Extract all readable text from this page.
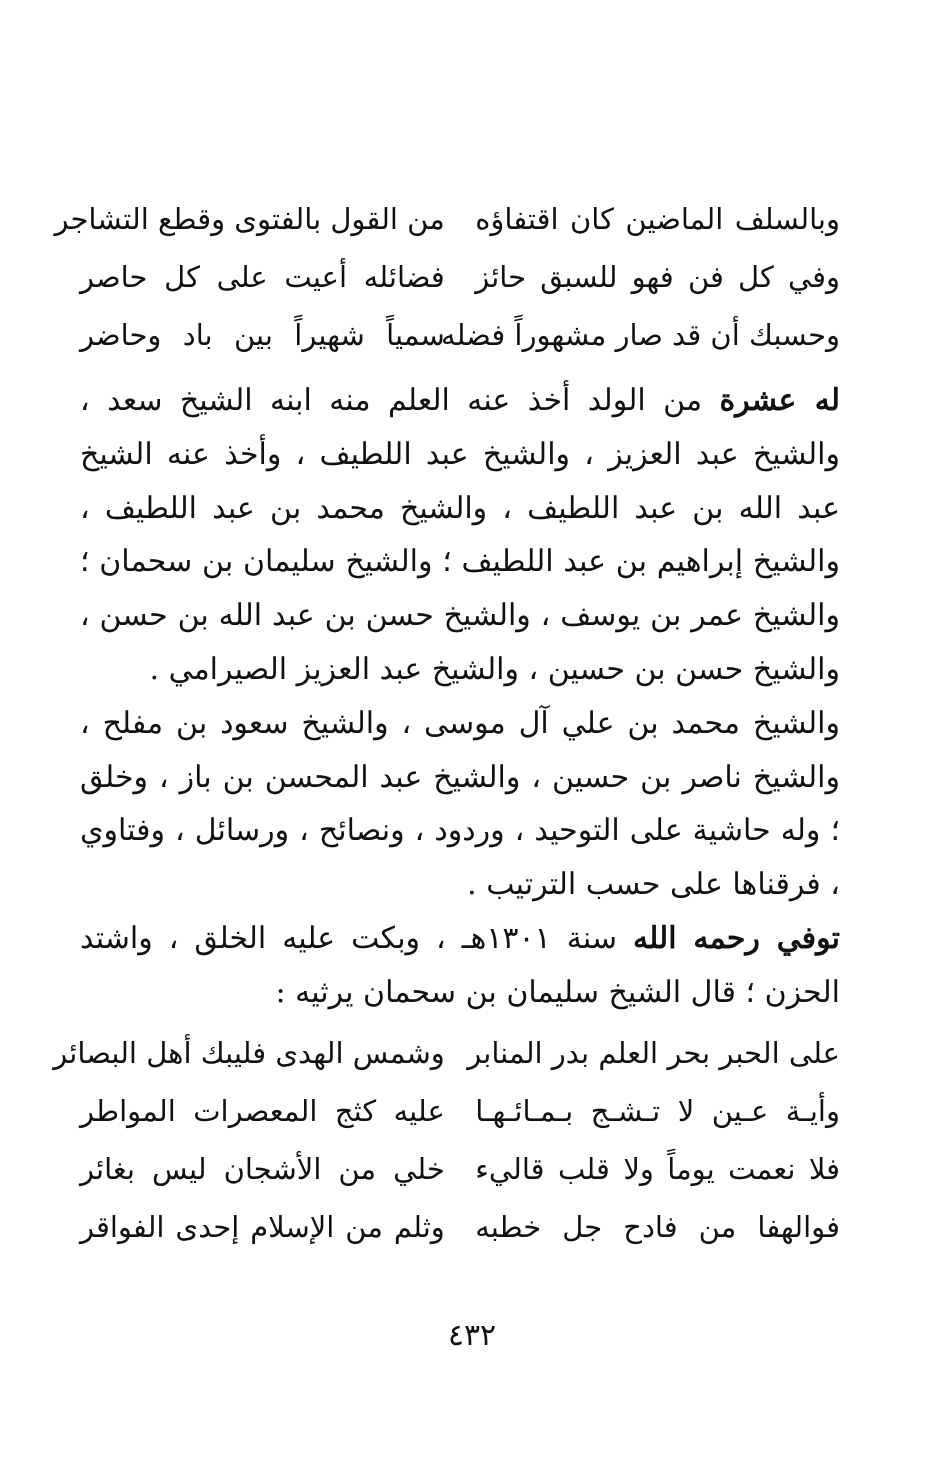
وبالسلف الماضين كان اقتفاؤه
من القول بالفتوى وقطع التشاجر
وفي كل فن فهو للسبق حائز
فضائله أعيت على كل حاصر
وحسبك أن قد صار مشهوراً فضله
سمياً شهيراً بين باد وحاضر

له عشرة من الولد أخذ عنه العلم منه ابنه الشيخ سعد ، والشيخ عبد العزيز ، والشيخ عبد اللطيف ، وأخذ عنه الشيخ عبد الله بن عبد اللطيف ، والشيخ محمد بن عبد اللطيف ، والشيخ إبراهيم بن عبد اللطيف ؛ والشيخ سليمان بن سحمان ؛ والشيخ عمر بن يوسف ، والشيخ حسن بن عبد الله بن حسن ، والشيخ حسن بن حسين ، والشيخ عبد العزيز الصيرامي .

والشيخ محمد بن علي آل موسى ، والشيخ سعود بن مفلح ، والشيخ ناصر بن حسين ، والشيخ عبد المحسن بن باز ، وخلق ؛ وله حاشية على التوحيد ، وردود ، ونصائح ، ورسائل ، وفتاوي ، فرقناها على حسب الترتيب .

توفي رحمه الله سنة ١٣٠١هـ ، وبكت عليه الخلق ، واشتد الحزن ؛ قال الشيخ سليمان بن سحمان يرثيه :

على الحبر بحر العلم بدر المنابر
وشمس الهدى فليبك أهل البصائر
وأيـة عـين لا تـشـج بـمـائـهـا
عليه كثج المعصرات المواطر
فلا نعمت يوماً ولا قلب قاليء
خلي من الأشجان ليس بغائر
فوالهفا من فادح جل خطبه
وثلم من الإسلام إحدى الفواقر
٤٣٢
